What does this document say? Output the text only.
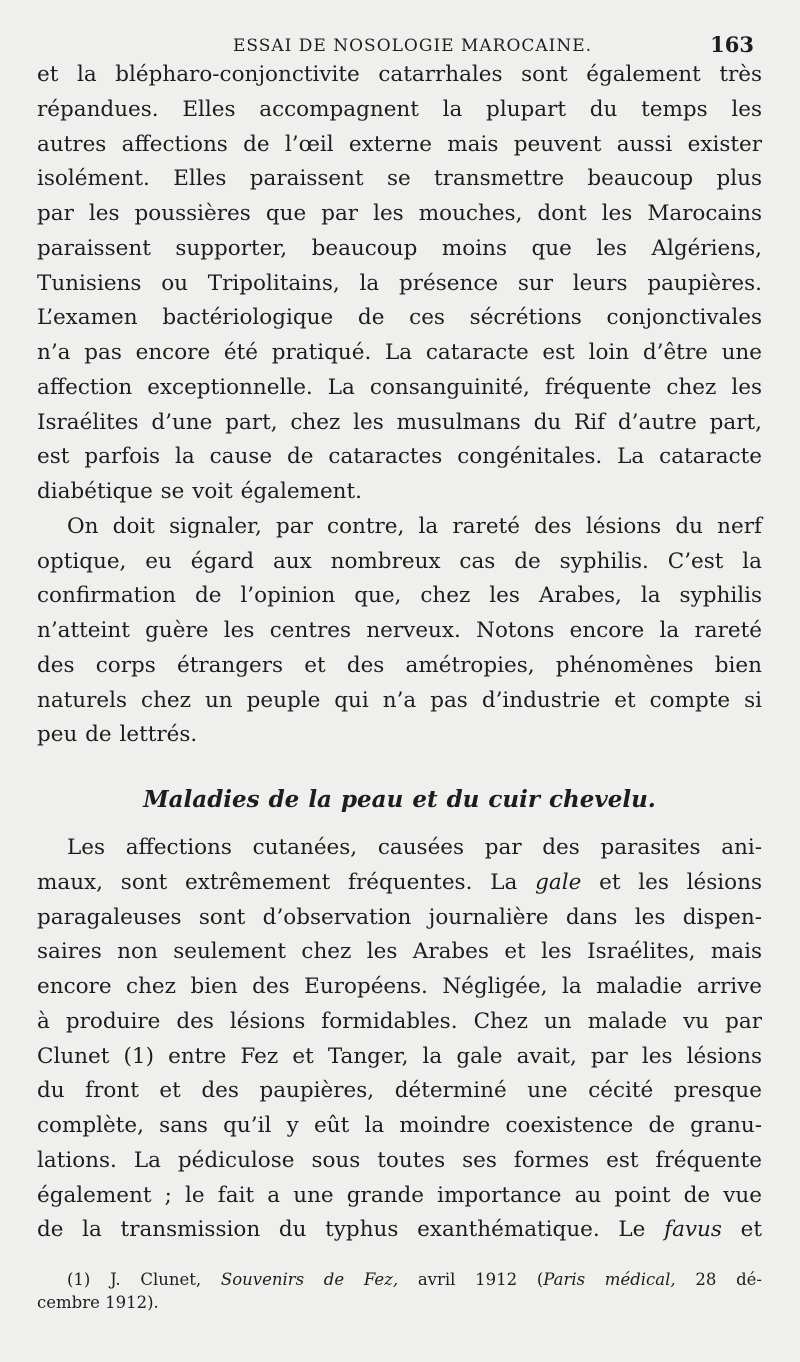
ESSAI DE NOSOLOGIE MAROCAINE.	163

et la blépharo-conjonctivite catarrhales sont également très
répandues. Elles accompagnent la plupart du temps les
autres affections de l’œil externe mais peuvent aussi exister
isolément. Elles paraissent se transmettre beaucoup plus
par les poussières que par les mouches, dont les Marocains
paraissent supporter, beaucoup moins que les Algériens,
Tunisiens ou Tripolitains, la présence sur leurs paupières.
L’examen bactériologique de ces sécrétions conjonctivales
n’a pas encore été pratiqué. La cataracte est loin d’être une
affection exceptionnelle. La consanguinité, fréquente chez les
Israélites d’une part, chez les musulmans du Rif d’autre part,
est parfois la cause de cataractes congénitales. La cataracte
diabétique se voit également.

On doit signaler, par contre, la rareté des lésions du nerf
optique, eu égard aux nombreux cas de syphilis. C’est la
confirmation de l’opinion que, chez les Arabes, la syphilis
n’atteint guère les centres nerveux. Notons encore la rareté
des corps étrangers et des amétropies, phénomènes bien
naturels chez un peuple qui n’a pas d’industrie et compte si
peu de lettrés.

Maladies de la peau et du cuir chevelu.

Les affections cutanées, causées par des parasites ani-
maux, sont extrêmement fréquentes. La gale et les lésions
paragaleuses sont d’observation journalière dans les dispen-
saires non seulement chez les Arabes et les Israélites, mais
encore chez bien des Européens. Négligée, la maladie arrive
à produire des lésions formidables. Chez un malade vu par
Clunet (1) entre Fez et Tanger, la gale avait, par les lésions
du front et des paupières, déterminé une cécité presque
complète, sans qu’il y eût la moindre coexistence de granu-
lations. La pédiculose sous toutes ses formes est fréquente
également ; le fait a une grande importance au point de vue
de la transmission du typhus exanthématique. Le favus et

(1) J. Clunet, Souvenirs de Fez, avril 1912 (Paris médical, 28 dé-
cembre 1912).
